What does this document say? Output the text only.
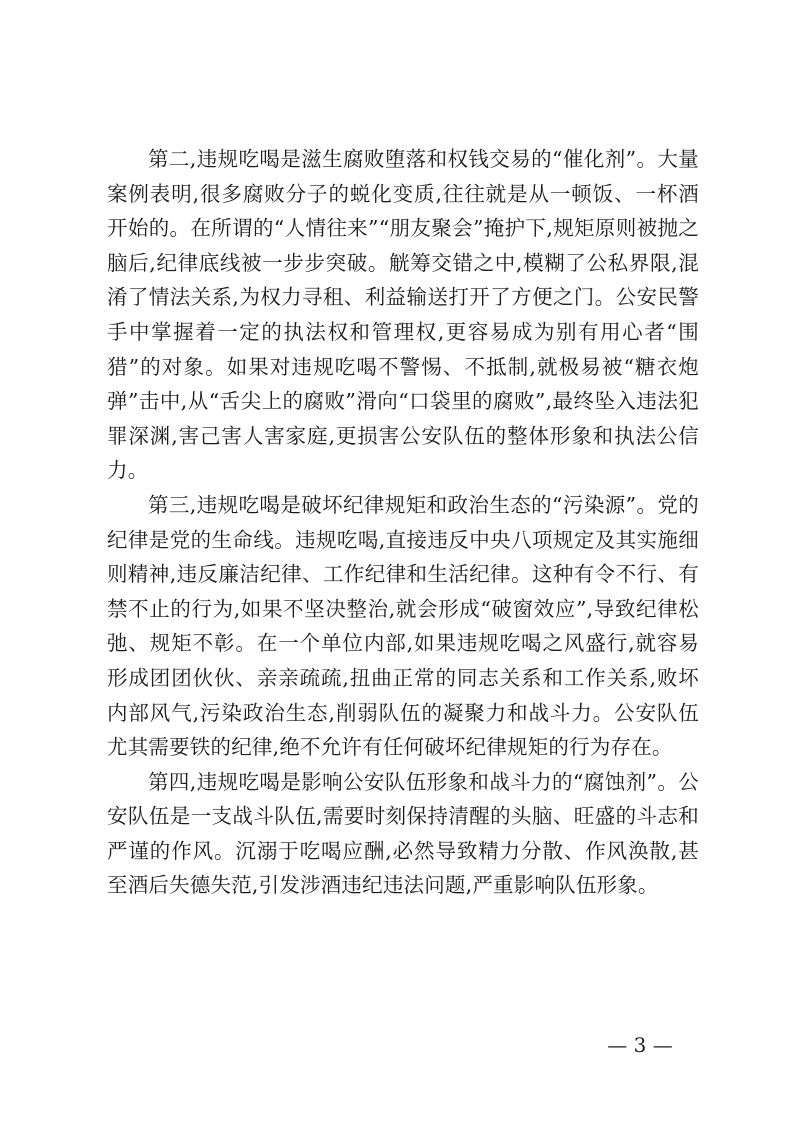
第二,违规吃喝是滋生腐败堕落和权钱交易的“催化剂”。大量案例表明,很多腐败分子的蜕化变质,往往就是从一顿饭、一杯酒开始的。在所谓的“人情往来”“朋友聚会”掩护下,规矩原则被抛之脑后,纪律底线被一步步突破。觥筹交错之中,模糊了公私界限,混淆了情法关系,为权力寻租、利益输送打开了方便之门。公安民警手中掌握着一定的执法权和管理权,更容易成为别有用心者“围猎”的对象。如果对违规吃喝不警惕、不抵制,就极易被“糖衣炮弹”击中,从“舌尖上的腐败”滑向“口袋里的腐败”,最终坠入违法犯罪深渊,害己害人害家庭,更损害公安队伍的整体形象和执法公信力。

第三,违规吃喝是破坏纪律规矩和政治生态的“污染源”。党的纪律是党的生命线。违规吃喝,直接违反中央八项规定及其实施细则精神,违反廉洁纪律、工作纪律和生活纪律。这种有令不行、有禁不止的行为,如果不坚决整治,就会形成“破窗效应”,导致纪律松弛、规矩不彰。在一个单位内部,如果违规吃喝之风盛行,就容易形成团团伙伙、亲亲疏疏,扭曲正常的同志关系和工作关系,败坏内部风气,污染政治生态,削弱队伍的凝聚力和战斗力。公安队伍尤其需要铁的纪律,绝不允许有任何破坏纪律规矩的行为存在。

第四,违规吃喝是影响公安队伍形象和战斗力的“腐蚀剂”。公安队伍是一支战斗队伍,需要时刻保持清醒的头脑、旺盛的斗志和严谨的作风。沉溺于吃喝应酬,必然导致精力分散、作风涣散,甚至酒后失德失范,引发涉酒违纪违法问题,严重影响队伍形象。

— 3 —
